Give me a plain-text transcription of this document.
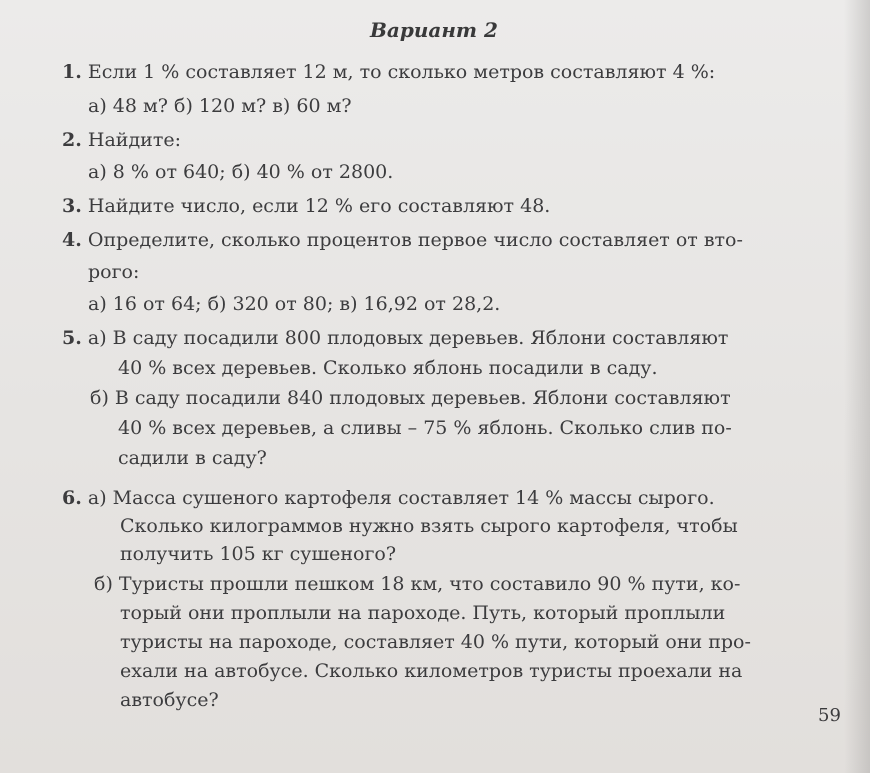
Вариант 2
1. Если 1 % составляет 12 м, то сколько метров составляют 4 %:
а) 48 м? б) 120 м? в) 60 м?
2. Найдите:
а) 8 % от 640; б) 40 % от 2800.
3. Найдите число, если 12 % его составляют 48.
4. Определите, сколько процентов первое число составляет от вто-
рого:
а) 16 от 64; б) 320 от 80; в) 16,92 от 28,2.
5. а) В саду посадили 800 плодовых деревьев. Яблони составляют
40 % всех деревьев. Сколько яблонь посадили в саду.
б) В саду посадили 840 плодовых деревьев. Яблони составляют
40 % всех деревьев, а сливы – 75 % яблонь. Сколько слив по-
садили в саду?
6. а) Масса сушеного картофеля составляет 14 % массы сырого.
Сколько килограммов нужно взять сырого картофеля, чтобы
получить 105 кг сушеного?
б) Туристы прошли пешком 18 км, что составило 90 % пути, ко-
торый они проплыли на пароходе. Путь, который проплыли
туристы на пароходе, составляет 40 % пути, который они про-
ехали на автобусе. Сколько километров туристы проехали на
автобусе?
59
